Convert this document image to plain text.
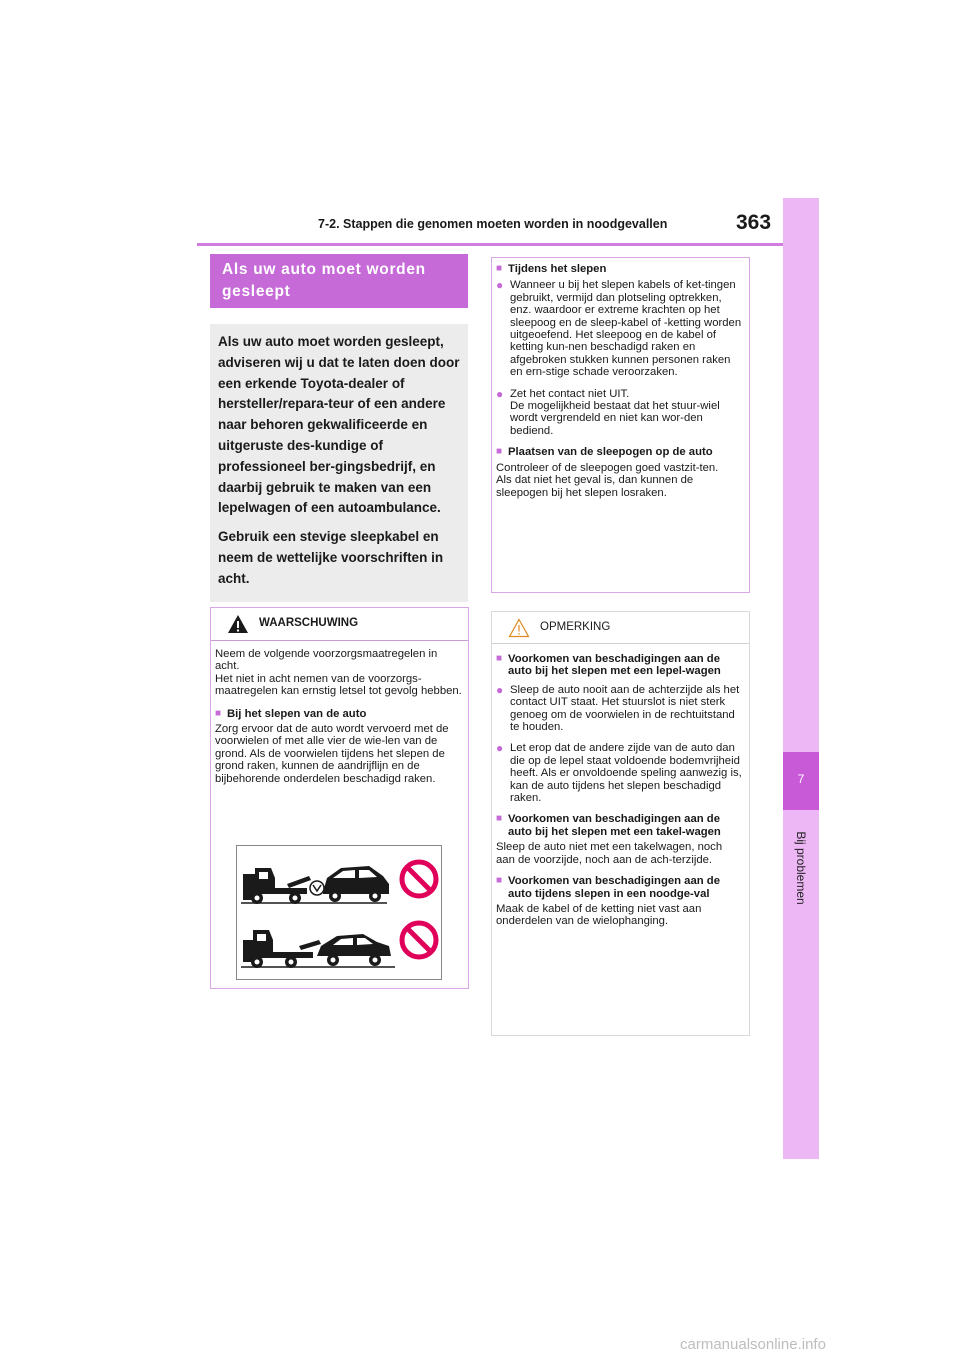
7-2. Stappen die genomen moeten worden in noodgevallen	363
7
Bij problemen
Als uw auto moet worden gesleept

Als uw auto moet worden gesleept, adviseren wij u dat te laten doen door een erkende Toyota-dealer of hersteller/repara-teur of een andere naar behoren gekwalificeerde en uitgeruste des-kundige of professioneel ber-gingsbedrijf, en daarbij gebruik te maken van een lepelwagen of een autoambulance.

Gebruik een stevige sleepkabel en neem de wettelijke voorschriften in acht.

WAARSCHUWING

Neem de volgende voorzorgsmaatregelen in acht.
Het niet in acht nemen van de voorzorgs-maatregelen kan ernstig letsel tot gevolg hebben.

■ Bij het slepen van de auto

Zorg ervoor dat de auto wordt vervoerd met de voorwielen of met alle vier de wie-len van de grond. Als de voorwielen tijdens het slepen de grond raken, kunnen de aandrijflijn en de bijbehorende onderdelen beschadigd raken.

■ Tijdens het slepen
● Wanneer u bij het slepen kabels of ket-tingen gebruikt, vermijd dan plotseling optrekken, enz. waardoor er extreme krachten op het sleepoog en de sleep-kabel of -ketting worden uitgeoefend. Het sleepoog en de kabel of ketting kun-nen beschadigd raken en afgebroken stukken kunnen personen raken en ern-stige schade veroorzaken.
● Zet het contact niet UIT.
De mogelijkheid bestaat dat het stuur-wiel wordt vergrendeld en niet kan wor-den bediend.
■ Plaatsen van de sleepogen op de auto

Controleer of de sleepogen goed vastzit-ten.
Als dat niet het geval is, dan kunnen de sleepogen bij het slepen losraken.

OPMERKING
■ Voorkomen van beschadigingen aan de auto bij het slepen met een lepel-wagen
● Sleep de auto nooit aan de achterzijde als het contact UIT staat. Het stuurslot is niet sterk genoeg om de voorwielen in de rechtuitstand te houden.
● Let erop dat de andere zijde van de auto dan die op de lepel staat voldoende bodemvrijheid heeft. Als er onvoldoende speling aanwezig is, kan de auto tijdens het slepen beschadigd raken.
■ Voorkomen van beschadigingen aan de auto bij het slepen met een takel-wagen

Sleep de auto niet met een takelwagen, noch aan de voorzijde, noch aan de ach-terzijde.

■ Voorkomen van beschadigingen aan de auto tijdens slepen in een noodge-val

Maak de kabel of de ketting niet vast aan onderdelen van de wielophanging.

carmanualsonline.info
